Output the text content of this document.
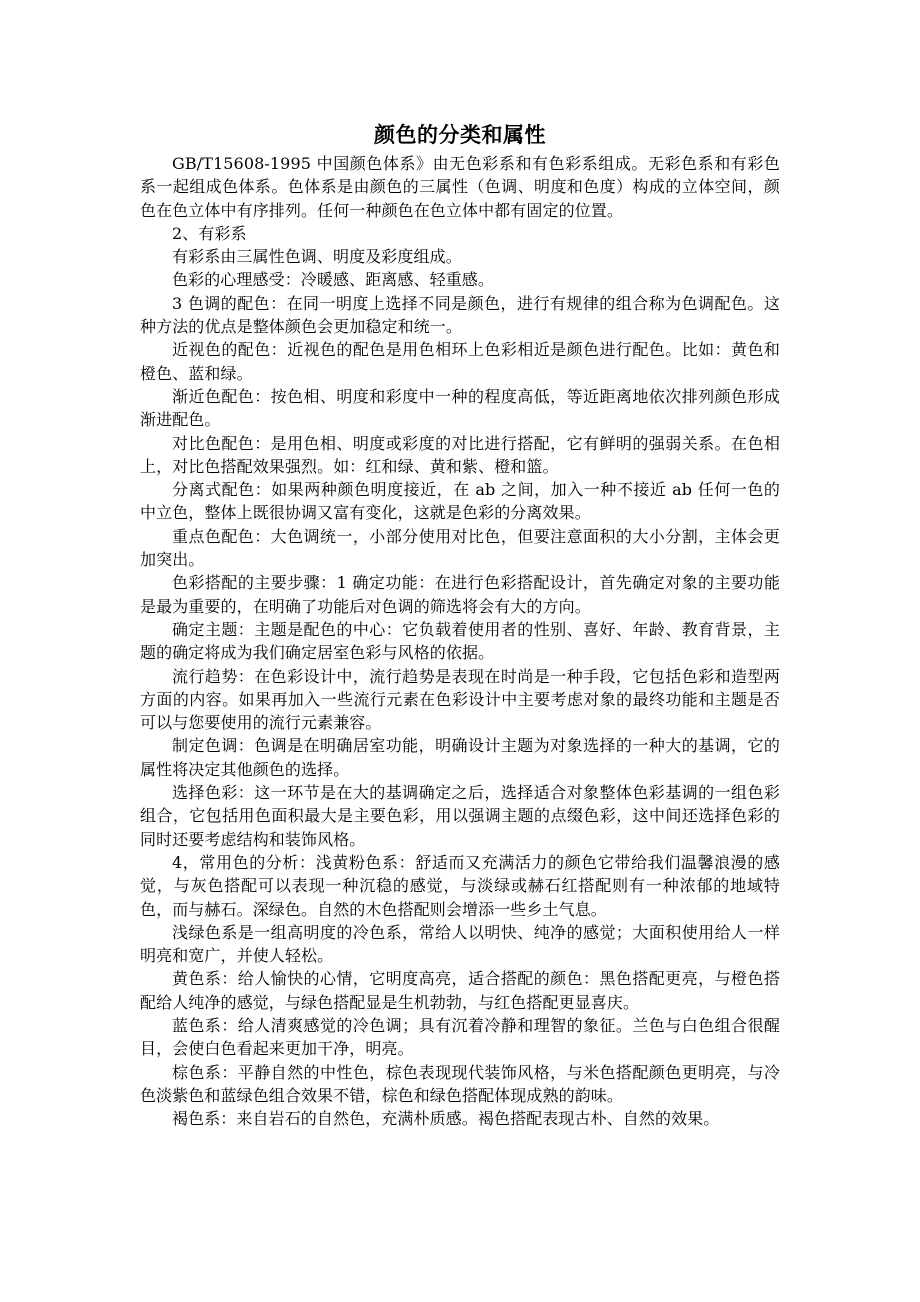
颜色的分类和属性

GB/T15608-1995 中国颜色体系》由无色彩系和有色彩系组成。无彩色系和有彩色系一起组成色体系。色体系是由颜色的三属性（色调、明度和色度）构成的立体空间，颜色在色立体中有序排列。任何一种颜色在色立体中都有固定的位置。

2、有彩系

有彩系由三属性色调、明度及彩度组成。

色彩的心理感受：冷暖感、距离感、轻重感。

3 色调的配色：在同一明度上选择不同是颜色，进行有规律的组合称为色调配色。这种方法的优点是整体颜色会更加稳定和统一。

近视色的配色：近视色的配色是用色相环上色彩相近是颜色进行配色。比如：黄色和橙色、蓝和绿。

渐近色配色：按色相、明度和彩度中一种的程度高低，等近距离地依次排列颜色形成渐进配色。

对比色配色：是用色相、明度或彩度的对比进行搭配，它有鲜明的强弱关系。在色相上，对比色搭配效果强烈。如：红和绿、黄和紫、橙和篮。

分离式配色：如果两种颜色明度接近，在 ab 之间，加入一种不接近 ab 任何一色的中立色，整体上既很协调又富有变化，这就是色彩的分离效果。

重点色配色：大色调统一，小部分使用对比色，但要注意面积的大小分割，主体会更加突出。

色彩搭配的主要步骤：1 确定功能：在进行色彩搭配设计，首先确定对象的主要功能是最为重要的，在明确了功能后对色调的筛选将会有大的方向。

确定主题：主题是配色的中心：它负载着使用者的性别、喜好、年龄、教育背景，主题的确定将成为我们确定居室色彩与风格的依据。

流行趋势：在色彩设计中，流行趋势是表现在时尚是一种手段，它包括色彩和造型两方面的内容。如果再加入一些流行元素在色彩设计中主要考虑对象的最终功能和主题是否可以与您要使用的流行元素兼容。

制定色调：色调是在明确居室功能，明确设计主题为对象选择的一种大的基调，它的属性将决定其他颜色的选择。

选择色彩：这一环节是在大的基调确定之后，选择适合对象整体色彩基调的一组色彩组合，它包括用色面积最大是主要色彩，用以强调主题的点缀色彩，这中间还选择色彩的同时还要考虑结构和装饰风格。

4，常用色的分析：浅黄粉色系：舒适而又充满活力的颜色它带给我们温馨浪漫的感觉，与灰色搭配可以表现一种沉稳的感觉，与淡绿或赫石红搭配则有一种浓郁的地域特色，而与赫石。深绿色。自然的木色搭配则会增添一些乡土气息。

浅绿色系是一组高明度的冷色系，常给人以明快、纯净的感觉；大面积使用给人一样明亮和宽广，并使人轻松。

黄色系：给人愉快的心情，它明度高亮，适合搭配的颜色：黑色搭配更亮，与橙色搭配给人纯净的感觉，与绿色搭配显是生机勃勃，与红色搭配更显喜庆。

蓝色系：给人清爽感觉的冷色调；具有沉着冷静和理智的象征。兰色与白色组合很醒目，会使白色看起来更加干净，明亮。

棕色系：平静自然的中性色，棕色表现现代装饰风格，与米色搭配颜色更明亮，与冷色淡紫色和蓝绿色组合效果不错，棕色和绿色搭配体现成熟的韵味。

褐色系：来自岩石的自然色，充满朴质感。褐色搭配表现古朴、自然的效果。
